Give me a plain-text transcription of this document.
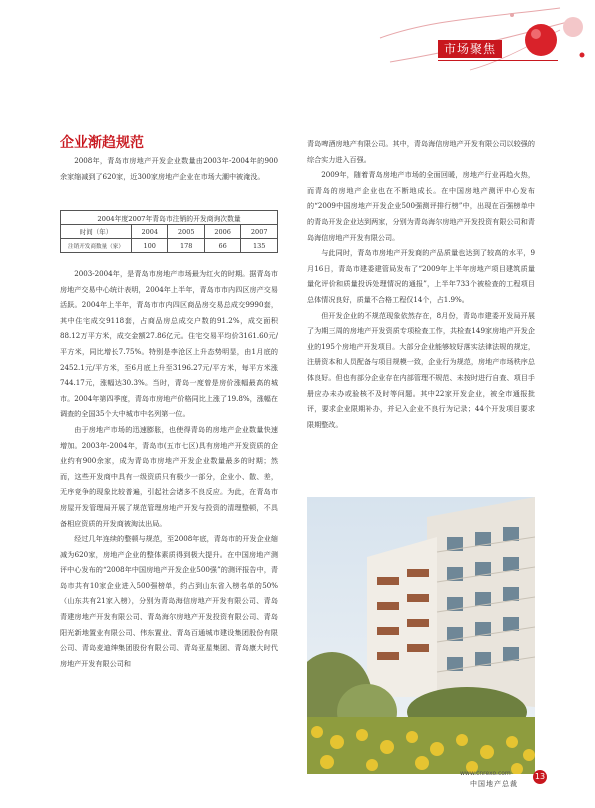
市场聚焦
企业渐趋规范

2008年，青岛市房地产开发企业数量由2003年-2004年的900余家缩减到了620家，近300家房地产企业在市场大潮中被淹没。

2004年度2007年青岛市注销的开发商询次数量				
时间（年）	2004	2005	2006	2007
注销开发商数量（家）	100	178	66	135

2003-2004年，是青岛市房地产市场最为红火的时期。据青岛市房地产交易中心统计表明，2004年上半年，青岛市市内四区房产交易活跃。2004年上半年，青岛市市内四区商品房交易总成交9990套，其中住宅成交9118套，占商品房总成交户数的91.2%，成交面积88.12万平方米，成交金额27.86亿元。住宅交易平均价3161.60元/平方米，同比增长7.75%。特别是李沧区上升态势明显，由1月底的2452.1元/平方米，至6月底上升至3196.27元/平方米，每平方米涨744.17元，涨幅达30.3%。当时，青岛一度曾是房价涨幅最高的城市。2004年第四季度，青岛市房地产价格同比上涨了19.8%，涨幅在调查的全国35个大中城市中名列第一位。

由于房地产市场的迅速膨胀，也使得青岛的房地产企业数量快速增加。2003年-2004年，青岛市(五市七区)具有房地产开发资质的企业约有900余家，成为青岛市房地产开发企业数量最多的时期；然而，这些开发商中具有一级资质只有极少一部分，企业小、散、差，无序竞争的现象比较普遍，引起社会诸多不良反应。为此，在青岛市房屋开发管理局开展了规范管理房地产开发与投资的清理整顿，不具备相应资质的开发商被淘汰出局。

经过几年连续的整顿与规范，至2008年底，青岛市的开发企业缩减为620家，房地产企业的整体素质得到极大提升。在中国房地产测评中心发布的“2008年中国房地产开发企业500强”的测评报告中，青岛市共有10家企业进入500强榜单，约占到山东省入榜名单的50%（山东共有21家入榜），分别为青岛海信房地产开发有限公司、青岛青建房地产开发有限公司、青岛海尔房地产开发投资有限公司、青岛阳光新地置业有限公司、伟东置业、青岛百通城市建设集团股份有限公司、青岛麦迪绅集团股份有限公司、青岛亚星集团、青岛康大时代房地产开发有限公司和

青岛啤酒房地产有限公司。其中，青岛海信房地产开发有限公司以较强的综合实力进入百强。

2009年，随着青岛房地产市场的全面回暖，房地产行业再趋火热，而青岛的房地产企业也在不断地成长。在中国房地产测评中心发布的“2009中国房地产开发企业500强测评排行榜”中，出现在百强榜单中的青岛开发企业达到两家，分别为青岛海尔房地产开发投资有限公司和青岛海信房地产开发有限公司。

与此同时，青岛市房地产开发商的产品质量也达到了较高的水平，9月16日，青岛市建委建管局发布了“2009年上半年房地产项目建筑质量量化评价和质量投诉处理情况的通报”，上半年733个被检查的工程项目总体情况良好，质量不合格工程仅14个，占1.9%。

但开发企业的不规范现象依然存在，8月份，青岛市建委开发局开展了为期三周的房地产开发资质专项检查工作，共检查149家房地产开发企业的195个房地产开发项目。大部分企业能够较好落实法律法规的规定，注册资本和人员配备与项目规模一致，企业行为规范，房地产市场秩序总体良好。但也有部分企业存在内部管理不规范、未按时进行自查、项目手册应办未办或验核不及时等问题。其中22家开发企业，被全市通报批评，要求企业限期补办，并记入企业不良行为记录；44个开发项目要求限期整改。

www.cnrexo.com
中国地产总裁
13
